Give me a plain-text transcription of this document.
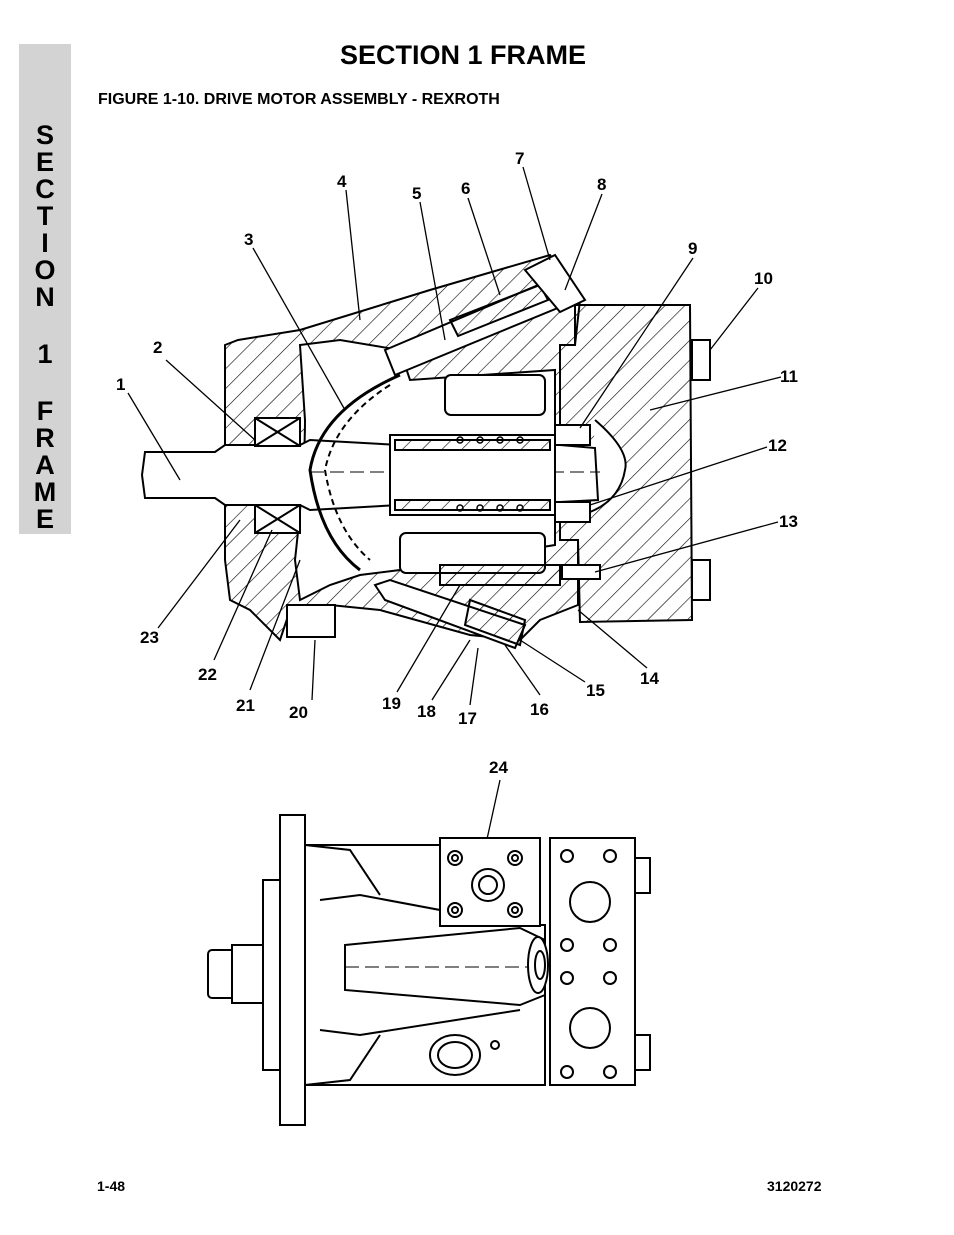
S
E
C
T
I
O
N
1
F
R
A
M
E
SECTION 1 FRAME
FIGURE 1-10. DRIVE MOTOR ASSEMBLY - REXROTH
1
2
3
4
5 6
7
8
9
10
11
12
13
14
15
16
17
18
19
20
21
22
23
24
1-48	3120272
